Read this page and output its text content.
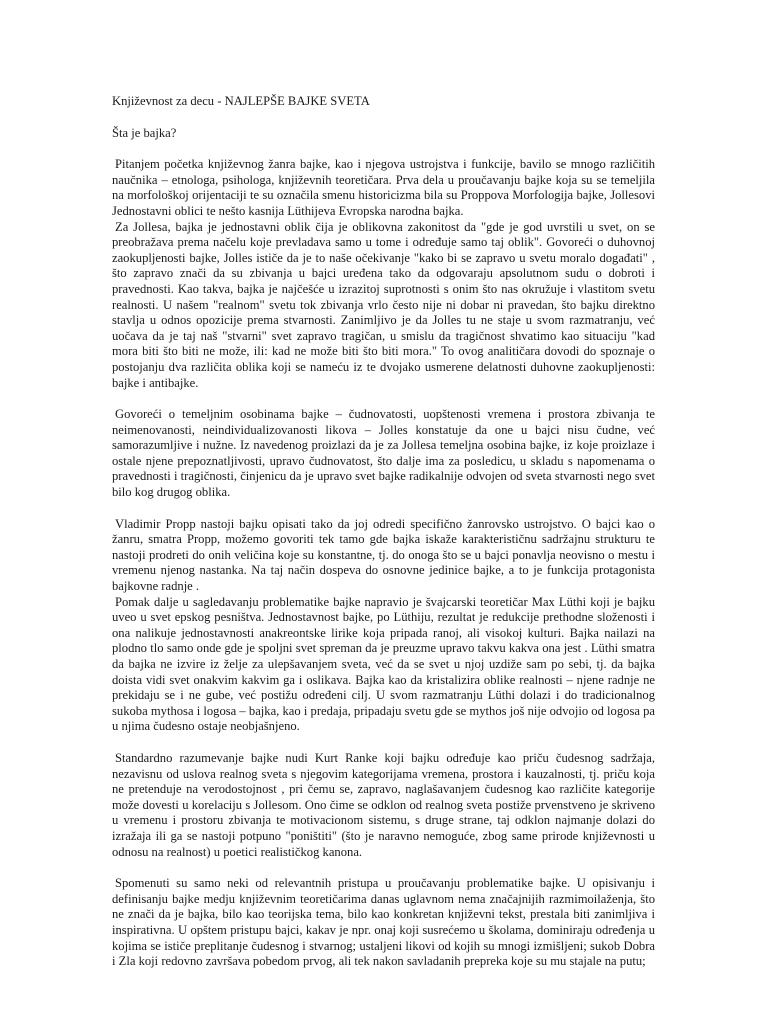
Književnost za decu - NAJLEPŠE BAJKE SVETA
Šta je bajka?

Pitanjem početka književnog žanra bajke, kao i njegova ustrojstva i funkcije, bavilo se mnogo različitih naučnika – etnologa, psihologa, književnih teoretičara. Prva dela u proučavanju bajke koja su se temeljila na morfološkoj orijentaciji te su označila smenu historicizma bila su Proppova Morfologija bajke, Jollesovi Jednostavni oblici te nešto kasnija Lüthijeva Evropska narodna bajka.

Za Jollesa, bajka je jednostavni oblik čija je oblikovna zakonitost da "gde je god uvrstili u svet, on se preobražava prema načelu koje prevladava samo u tome i određuje samo taj oblik". Govoreći o duhovnoj zaokupljenosti bajke, Jolles ističe da je to naše očekivanje "kako bi se zapravo u svetu moralo događati" , što zapravo znači da su zbivanja u bajci uređena tako da odgovaraju apsolutnom sudu o dobroti i pravednosti. Kao takva, bajka je najčešće u izrazitoj suprotnosti s onim što nas okružuje i vlastitom svetu realnosti. U našem "realnom" svetu tok zbivanja vrlo često nije ni dobar ni pravedan, što bajku direktno stavlja u odnos opozicije prema stvarnosti. Zanimljivo je da Jolles tu ne staje u svom razmatranju, već uočava da je taj naš "stvarni" svet zapravo tragičan, u smislu da tragičnost shvatimo kao situaciju "kad mora biti što biti ne može, ili: kad ne može biti što biti mora." To ovog analitičara dovodi do spoznaje o postojanju dva različita oblika koji se nameću iz te dvojako usmerene delatnosti duhovne zaokupljenosti: bajke i antibajke.

Govoreći o temeljnim osobinama bajke – čudnovatosti, uopštenosti vremena i prostora zbivanja te neimenovanosti, neindividualizovanosti likova – Jolles konstatuje da one u bajci nisu čudne, već samorazumljive i nužne. Iz navedenog proizlazi da je za Jollesa temeljna osobina bajke, iz koje proizlaze i ostale njene prepoznatljivosti, upravo čudnovatost, što dalje ima za posledicu, u skladu s napomenama o pravednosti i tragičnosti, činjenicu da je upravo svet bajke radikalnije odvojen od sveta stvarnosti nego svet bilo kog drugog oblika.

Vladimir Propp nastoji bajku opisati tako da joj odredi specifično žanrovsko ustrojstvo. O bajci kao o žanru, smatra Propp, možemo govoriti tek tamo gde bajka iskaže karakterističnu sadržajnu strukturu te nastoji prodreti do onih veličina koje su konstantne, tj. do onoga što se u bajci ponavlja neovisno o mestu i vremenu njenog nastanka. Na taj način dospeva do osnovne jedinice bajke, a to je funkcija protagonista bajkovne radnje .

Pomak dalje u sagledavanju problematike bajke napravio je švajcarski teoretičar Max Lüthi koji je bajku uveo u svet epskog pesništva. Jednostavnost bajke, po Lüthiju, rezultat je redukcije prethodne složenosti i ona nalikuje jednostavnosti anakreontske lirike koja pripada ranoj, ali visokoj kulturi. Bajka nailazi na plodno tlo samo onde gde je spoljni svet spreman da je preuzme upravo takvu kakva ona jest . Lüthi smatra da bajka ne izvire iz želje za ulepšavanjem sveta, već da se svet u njoj uzdiže sam po sebi, tj. da bajka doista vidi svet onakvim kakvim ga i oslikava. Bajka kao da kristalizira oblike realnosti – njene radnje ne prekidaju se i ne gube, već postižu određeni cilj. U svom razmatranju Lüthi dolazi i do tradicionalnog sukoba mythosa i logosa – bajka, kao i predaja, pripadaju svetu gde se mythos još nije odvojio od logosa pa u njima čudesno ostaje neobjašnjeno.

Standardno razumevanje bajke nudi Kurt Ranke koji bajku određuje kao priču čudesnog sadržaja, nezavisnu od uslova realnog sveta s njegovim kategorijama vremena, prostora i kauzalnosti, tj. priču koja ne pretenduje na verodostojnost , pri čemu se, zapravo, naglašavanjem čudesnog kao različite kategorije može dovesti u korelaciju s Jollesom. Ono čime se odklon od realnog sveta postiže prvenstveno je skriveno u vremenu i prostoru zbivanja te motivacionom sistemu, s druge strane, taj odklon najmanje dolazi do izražaja ili ga se nastoji potpuno "poništiti" (što je naravno nemoguće, zbog same prirode književnosti u odnosu na realnost) u poetici realističkog kanona.

Spomenuti su samo neki od relevantnih pristupa u proučavanju problematike bajke. U opisivanju i definisanju bajke medju književnim teoretičarima danas uglavnom nema značajnijih razmimoilaženja, što ne znači da je bajka, bilo kao teorijska tema, bilo kao konkretan književni tekst, prestala biti zanimljiva i inspirativna. U opštem pristupu bajci, kakav je npr. onaj koji susrećemo u školama, dominiraju određenja u kojima se ističe preplitanje čudesnog i stvarnog; ustaljeni likovi od kojih su mnogi izmišljeni; sukob Dobra i Zla koji redovno završava pobedom prvog, ali tek nakon savladanih prepreka koje su mu stajale na putu;
